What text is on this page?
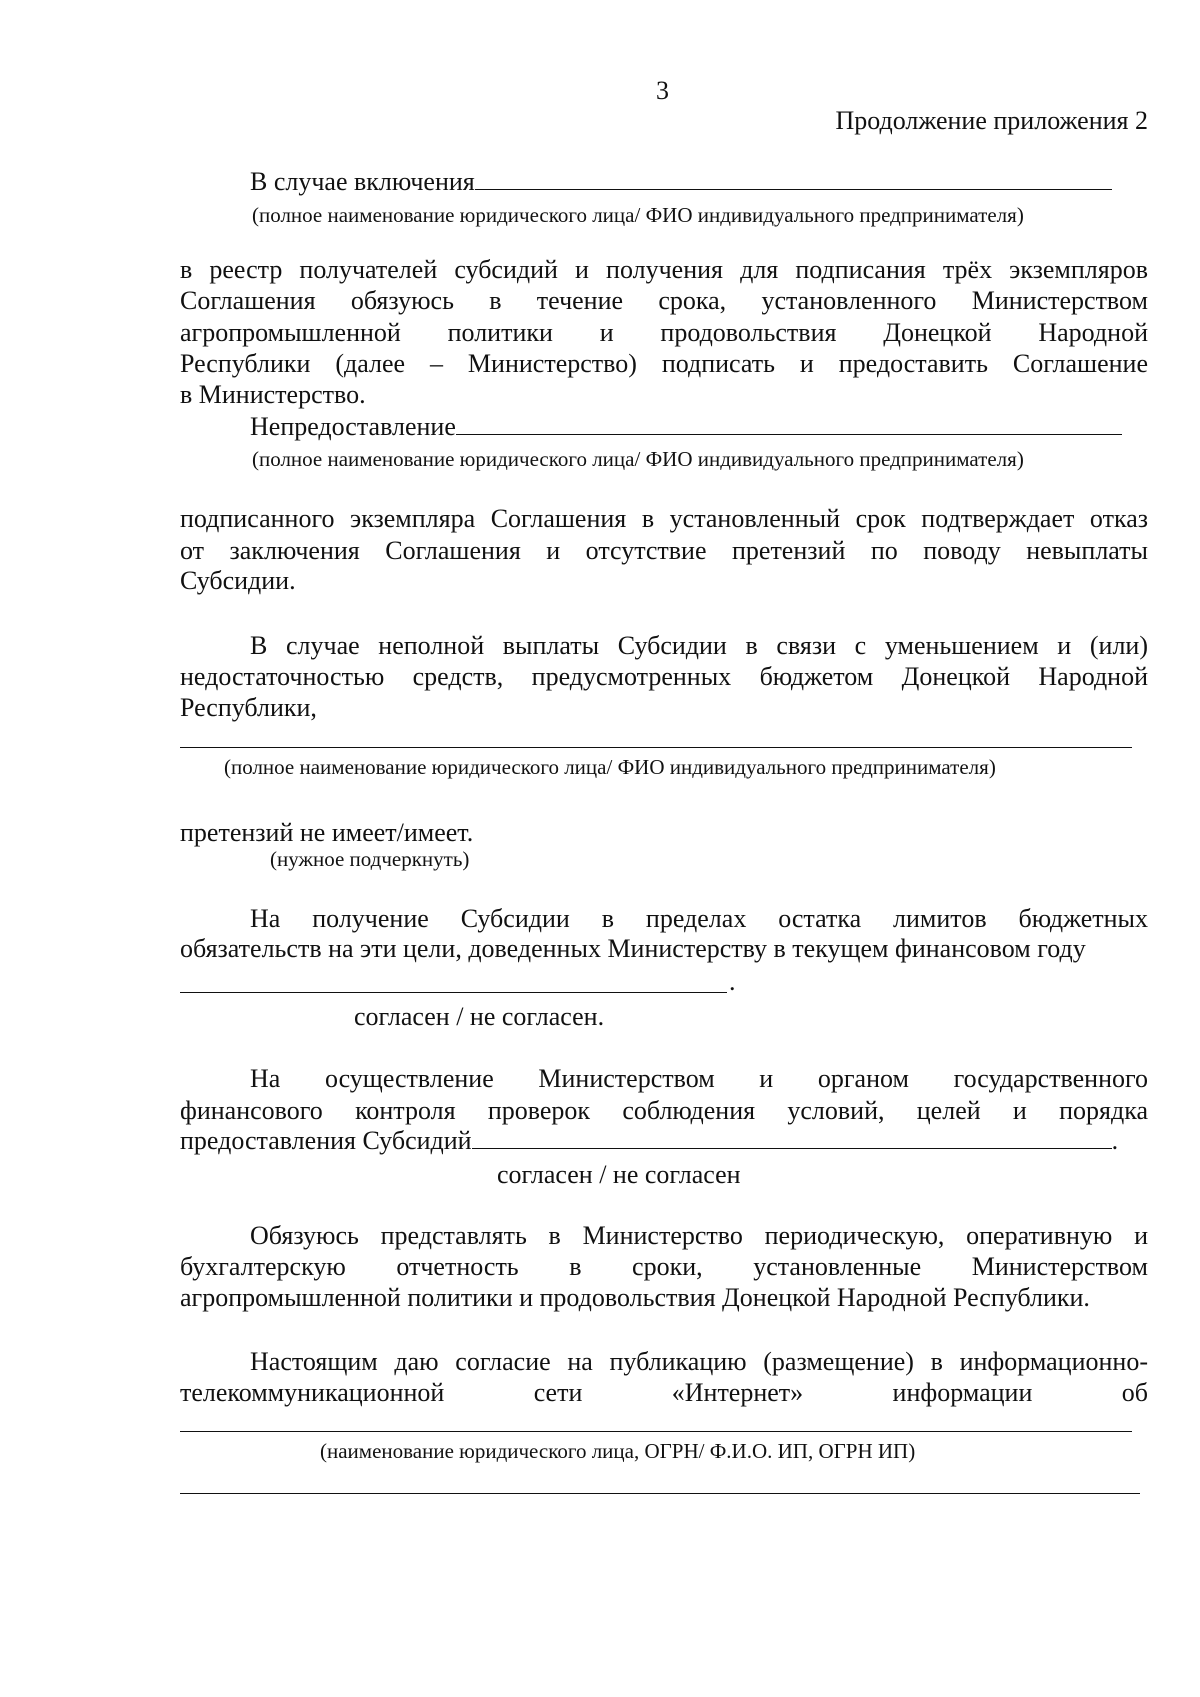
3
Продолжение приложения 2
В случае включения
(полное наименование юридического лица/ ФИО индивидуального предпринимателя)
в реестр получателей субсидий и получения для подписания трёх экземпляров
Соглашения обязуюсь в течение срока, установленного Министерством
агропромышленной политики и продовольствия Донецкой Народной
Республики (далее – Министерство) подписать и предоставить Соглашение
в Министерство.
Непредоставление
(полное наименование юридического лица/ ФИО индивидуального предпринимателя)
подписанного экземпляра Соглашения в установленный срок подтверждает отказ
от заключения Соглашения и отсутствие претензий по поводу невыплаты
Субсидии.
В случае неполной выплаты Субсидии в связи с уменьшением и (или)
недостаточностью средств, предусмотренных бюджетом Донецкой Народной
Республики,
(полное наименование юридического лица/ ФИО индивидуального предпринимателя)
претензий не имеет/имеет.
(нужное подчеркнуть)
На получение Субсидии в пределах остатка лимитов бюджетных
обязательств на эти цели, доведенных Министерству в текущем финансовом году
.
согласен / не согласен.
На осуществление Министерством и органом государственного
финансового контроля проверок соблюдения условий, целей и порядка
предоставления Субсидий	.
согласен / не согласен
Обязуюсь представлять в Министерство периодическую, оперативную и
бухгалтерскую отчетность в сроки, установленные Министерством
агропромышленной политики и продовольствия Донецкой Народной Республики.
Настоящим даю согласие на публикацию (размещение) в информационно-
телекоммуникационной сети «Интернет» информации об
(наименование юридического лица, ОГРН/ Ф.И.О. ИП, ОГРН ИП)
